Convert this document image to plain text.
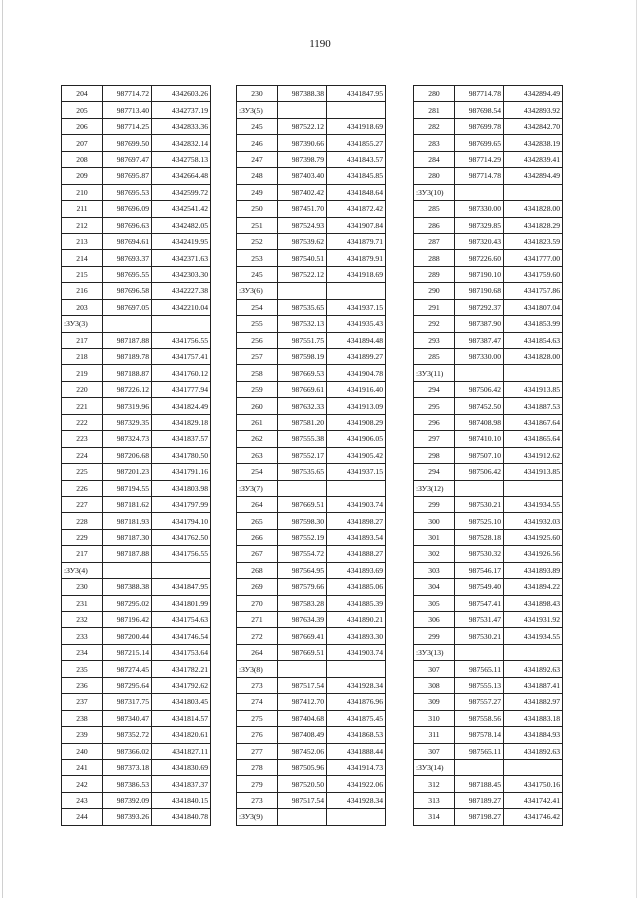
1190
204	987714.72	4342603.26
205	987713.40	4342737.19
206	987714.25	4342833.36
207	987699.50	4342832.14
208	987697.47	4342758.13
209	987695.87	4342664.48
210	987695.53	4342599.72
211	987696.09	4342541.42
212	987696.63	4342482.05
213	987694.61	4342419.95
214	987693.37	4342371.63
215	987695.55	4342303.30
216	987696.58	4342227.38
203	987697.05	4342210.04
:ЗУ3(3)		
217	987187.88	4341756.55
218	987189.78	4341757.41
219	987188.87	4341760.12
220	987226.12	4341777.94
221	987319.96	4341824.49
222	987329.35	4341829.18
223	987324.73	4341837.57
224	987206.68	4341780.50
225	987201.23	4341791.16
226	987194.55	4341803.98
227	987181.62	4341797.99
228	987181.93	4341794.10
229	987187.30	4341762.50
217	987187.88	4341756.55
:ЗУ3(4)		
230	987388.38	4341847.95
231	987295.02	4341801.99
232	987196.42	4341754.63
233	987200.44	4341746.54
234	987215.14	4341753.64
235	987274.45	4341782.21
236	987295.64	4341792.62
237	987317.75	4341803.45
238	987340.47	4341814.57
239	987352.72	4341820.61
240	987366.02	4341827.11
241	987373.18	4341830.69
242	987386.53	4341837.37
243	987392.09	4341840.15
244	987393.26	4341840.78
230	987388.38	4341847.95
:ЗУ3(5)		
245	987522.12	4341918.69
246	987390.66	4341855.27
247	987398.79	4341843.57
248	987403.40	4341845.85
249	987402.42	4341848.64
250	987451.70	4341872.42
251	987524.93	4341907.84
252	987539.62	4341879.71
253	987540.51	4341879.91
245	987522.12	4341918.69
:ЗУ3(6)		
254	987535.65	4341937.15
255	987532.13	4341935.43
256	987551.75	4341894.48
257	987598.19	4341899.27
258	987669.53	4341904.78
259	987669.61	4341916.40
260	987632.33	4341913.09
261	987581.20	4341908.29
262	987555.38	4341906.05
263	987552.17	4341905.42
254	987535.65	4341937.15
:ЗУ3(7)		
264	987669.51	4341903.74
265	987598.30	4341898.27
266	987552.19	4341893.54
267	987554.72	4341888.27
268	987564.95	4341893.69
269	987579.66	4341885.06
270	987583.28	4341885.39
271	987634.39	4341890.21
272	987669.41	4341893.30
264	987669.51	4341903.74
:ЗУ3(8)		
273	987517.54	4341928.34
274	987412.70	4341876.96
275	987404.68	4341875.45
276	987408.49	4341868.53
277	987452.06	4341888.44
278	987505.96	4341914.73
279	987520.50	4341922.06
273	987517.54	4341928.34
:ЗУ3(9)		
280	987714.78	4342894.49
281	987698.54	4342893.92
282	987699.78	4342842.70
283	987699.65	4342838.19
284	987714.29	4342839.41
280	987714.78	4342894.49
:ЗУ3(10)		
285	987330.00	4341828.00
286	987329.85	4341828.29
287	987320.43	4341823.59
288	987226.60	4341777.00
289	987190.10	4341759.60
290	987190.68	4341757.86
291	987292.37	4341807.04
292	987387.90	4341853.99
293	987387.47	4341854.63
285	987330.00	4341828.00
:ЗУ3(11)		
294	987506.42	4341913.85
295	987452.50	4341887.53
296	987408.98	4341867.64
297	987410.10	4341865.64
298	987507.10	4341912.62
294	987506.42	4341913.85
:ЗУ3(12)		
299	987530.21	4341934.55
300	987525.10	4341932.03
301	987528.18	4341925.60
302	987530.32	4341926.56
303	987546.17	4341893.89
304	987549.40	4341894.22
305	987547.41	4341898.43
306	987531.47	4341931.92
299	987530.21	4341934.55
:ЗУ3(13)		
307	987565.11	4341892.63
308	987555.13	4341887.41
309	987557.27	4341882.97
310	987558.56	4341883.18
311	987578.14	4341884.93
307	987565.11	4341892.63
:ЗУ3(14)		
312	987188.45	4341750.16
313	987189.27	4341742.41
314	987198.27	4341746.42
